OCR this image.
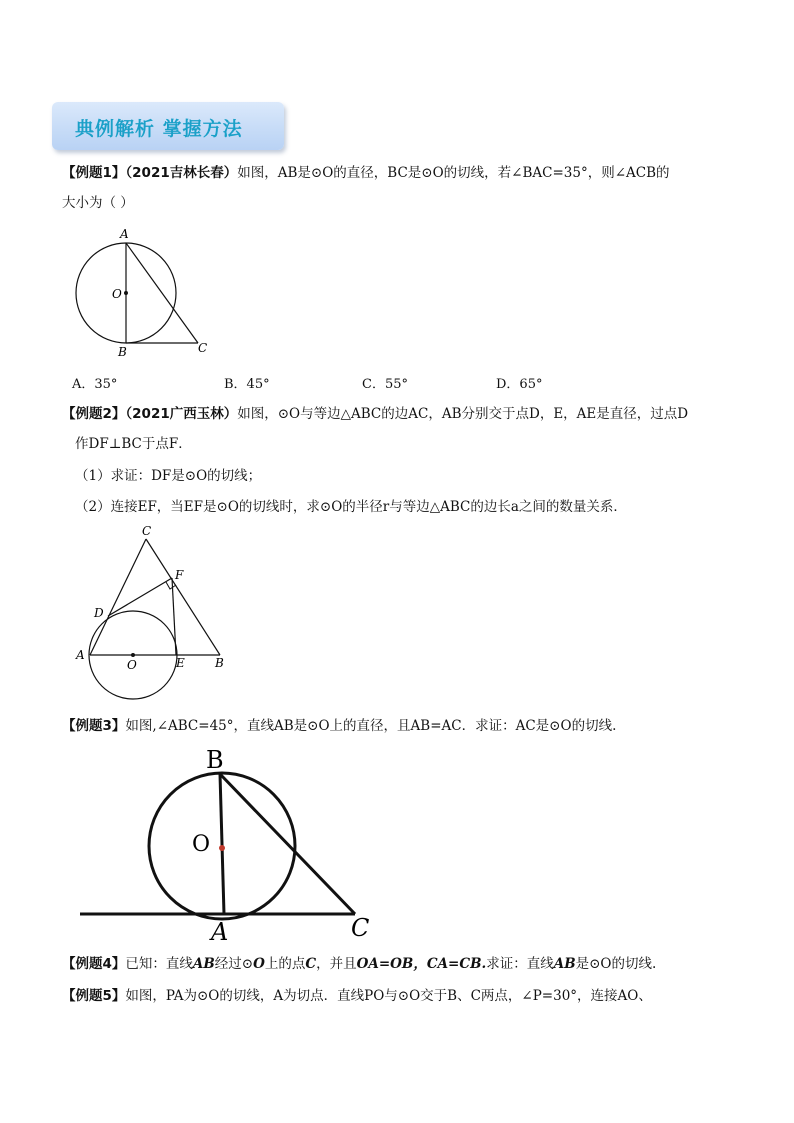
典例解析 掌握方法
【例题1】（2021吉林长春）如图，AB是⊙O的直径，BC是⊙O的切线，若∠BAC=35°，则∠ACB的
大小为（ ）
A
O
B	C
A．35°	B．45°	C．55°	D．65°
【例题2】（2021广西玉林）如图，⊙O与等边△ABC的边AC，AB分别交于点D，E，AE是直径，过点D
作DF⊥BC于点F．
（1）求证：DF是⊙O的切线；
（2）连接EF，当EF是⊙O的切线时，求⊙O的半径r与等边△ABC的边长a之间的数量关系．
C
F
D
A
O	E	B
【例题3】如图,∠ABC=45°，直线AB是⊙O上的直径，且AB=AC．求证：AC是⊙O的切线.
B
O
A	C
【例题4】已知：直线AB经过⊙O上的点C，并且OA=OB，CA=CB.求证：直线AB是⊙O的切线.
【例题5】如图，PA为⊙O的切线，A为切点．直线PO与⊙O交于B、C两点，∠P=30°，连接AO、
